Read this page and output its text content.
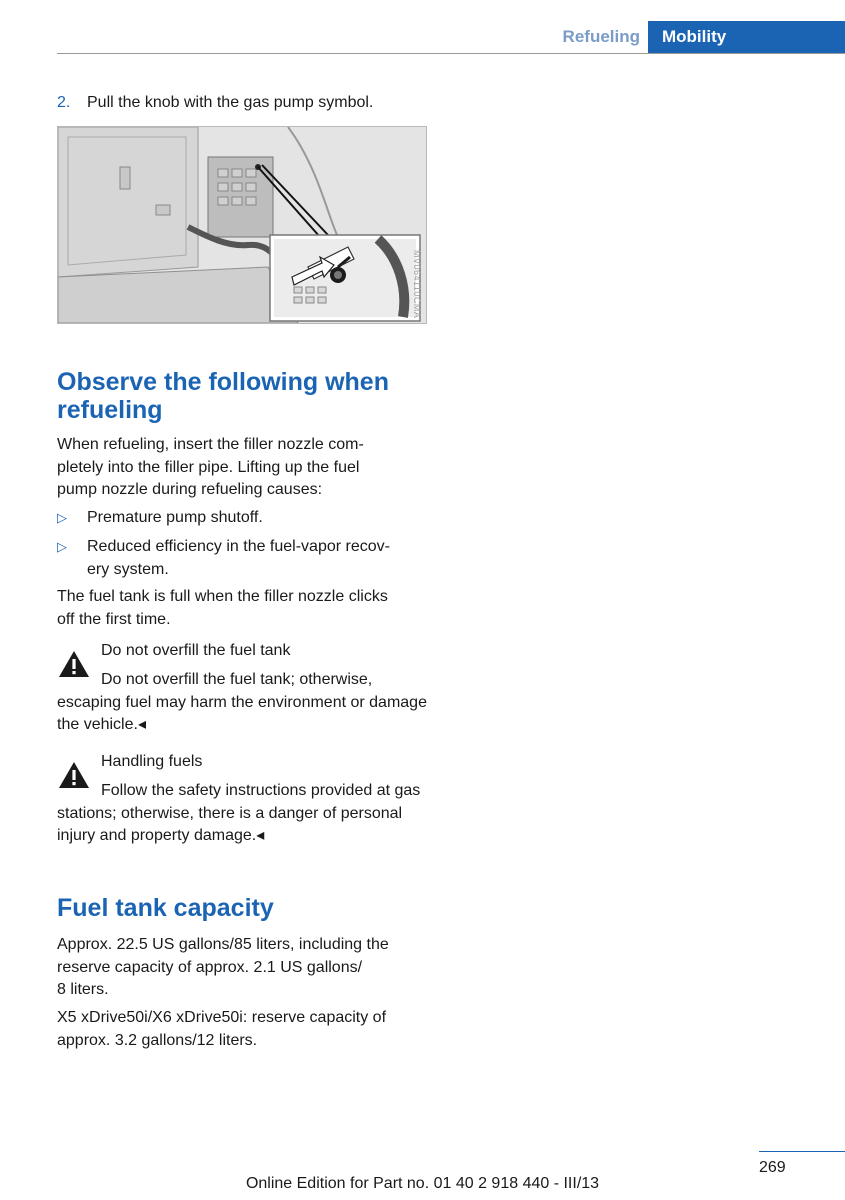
Refueling	Mobility
2. Pull the knob with the gas pump symbol.
MV064110CMA
Observe the following when
refueling

When refueling, insert the filler nozzle com-
pletely into the filler pipe. Lifting up the fuel
pump nozzle during refueling causes:

▷ Premature pump shutoff.
▷ Reduced efficiency in the fuel-vapor recov-
ery system.

The fuel tank is full when the filler nozzle clicks
off the first time.

Do not overfill the fuel tank
Do not overfill the fuel tank; otherwise, escaping fuel may harm the environment or damage the vehicle.◂
Handling fuels
Follow the safety instructions provided at gas stations; otherwise, there is a danger of personal injury and property damage.◂
Fuel tank capacity

Approx. 22.5 US gallons/85 liters, including the
reserve capacity of approx. 2.1 US gallons/
8 liters.

X5 xDrive50i/X6 xDrive50i: reserve capacity of
approx. 3.2 gallons/12 liters.

269
Online Edition for Part no. 01 40 2 918 440 - III/13
